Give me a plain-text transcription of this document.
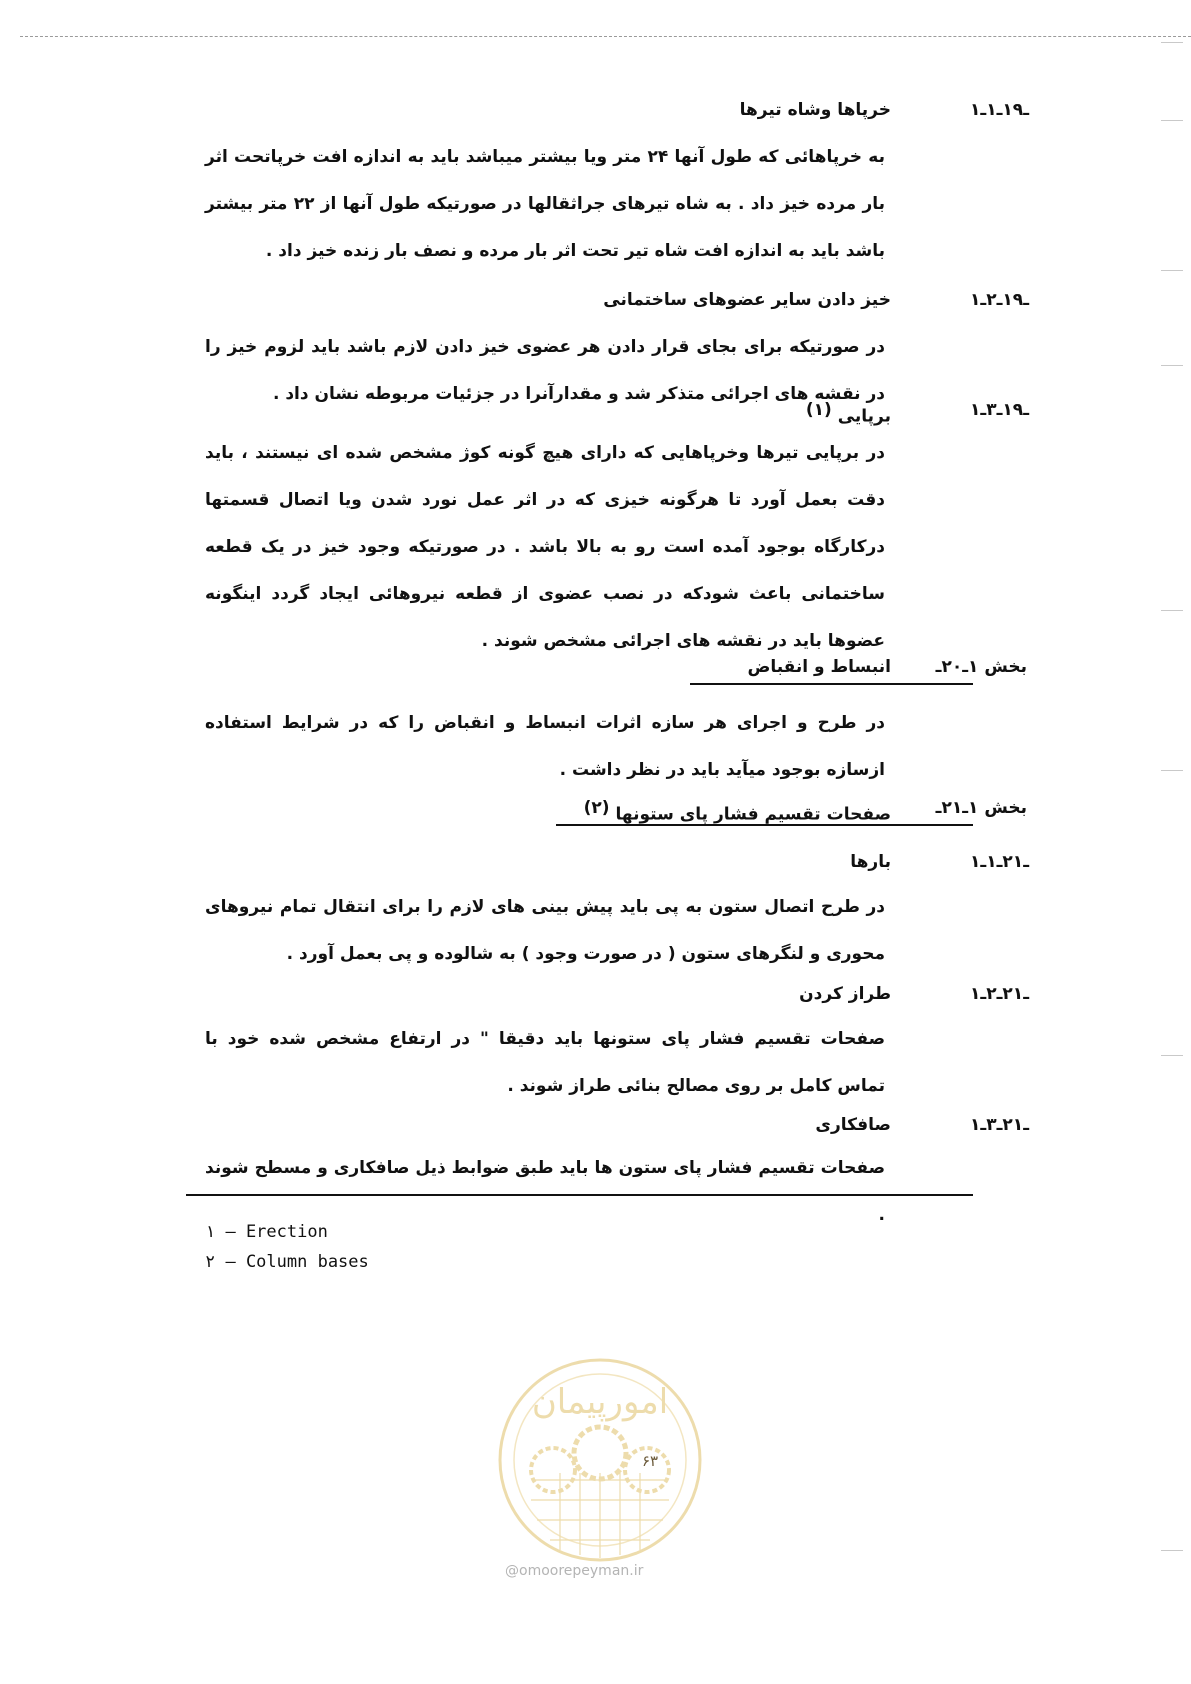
۱ـ۱۹ـ۱ـ
خرپاها وشاه تیرها
به خرپاهائی که طول آنها ۲۴ متر ویا بیشتر میباشد باید به اندازه افت خرپاتحت اثر بار مرده خیز داد . به شاه تیرهای جراثقالها در صورتیکه طول آنها از ۲۲ متر بیشتر باشد باید به اندازه افت شاه تیر تحت اثر بار مرده و نصف بار زنده خیز داد .
۱ـ۱۹ـ۲ـ
خیز دادن سایر عضوهای ساختمانی
در صورتیکه برای بجای قرار دادن هر عضوی خیز دادن لازم باشد باید لزوم خیز را در نقشه های اجرائی متذکر شد و مقدارآنرا در جزئیات مربوطه نشان داد .
۱ـ۱۹ـ۳ـ
برپایی (۱)
در برپایی تیرها وخرپاهایی که دارای هیچ گونه کوژ مشخص شده ای نیستند ، باید دقت بعمل آورد تا هرگونه خیزی که در اثر عمل نورد شدن ویا اتصال قسمتها درکارگاه بوجود آمده است رو به بالا باشد . در صورتیکه وجود خیز در یک قطعه ساختمانی باعث شودکه در نصب عضوی از قطعه نیروهائی ایجاد گردد اینگونه عضوها باید در نقشه های اجرائی مشخص شوند .
بخش ۱ـ۲۰ـ
انبساط و انقباض
در طرح و اجرای هر سازه اثرات انبساط و انقباض را که در شرایط استفاده ازسازه بوجود میآید باید در نظر داشت .
بخش ۱ـ۲۱ـ
صفحات تقسیم فشار پای ستونها (۲)
۱ـ۲۱ـ۱ـ
بارها
در طرح اتصال ستون به پی باید پیش بینی های لازم را برای انتقال تمام نیروهای محوری و لنگرهای ستون ( در صورت وجود ) به شالوده و پی بعمل آورد .
۱ـ۲۱ـ۲ـ
طراز کردن
صفحات تقسیم فشار پای ستونها باید دقیقا " در ارتفاع مشخص شده خود با تماس کامل بر روی مصالح بنائی طراز شوند .
۱ـ۲۱ـ۳ـ
صافکاری
صفحات تقسیم فشار پای ستون ها باید طبق ضوابط ذیل صافکاری و مسطح شوند .
۱ – Erection
۲ – Column bases
امورپیمان
۶۳
@omoorepeyman.ir
